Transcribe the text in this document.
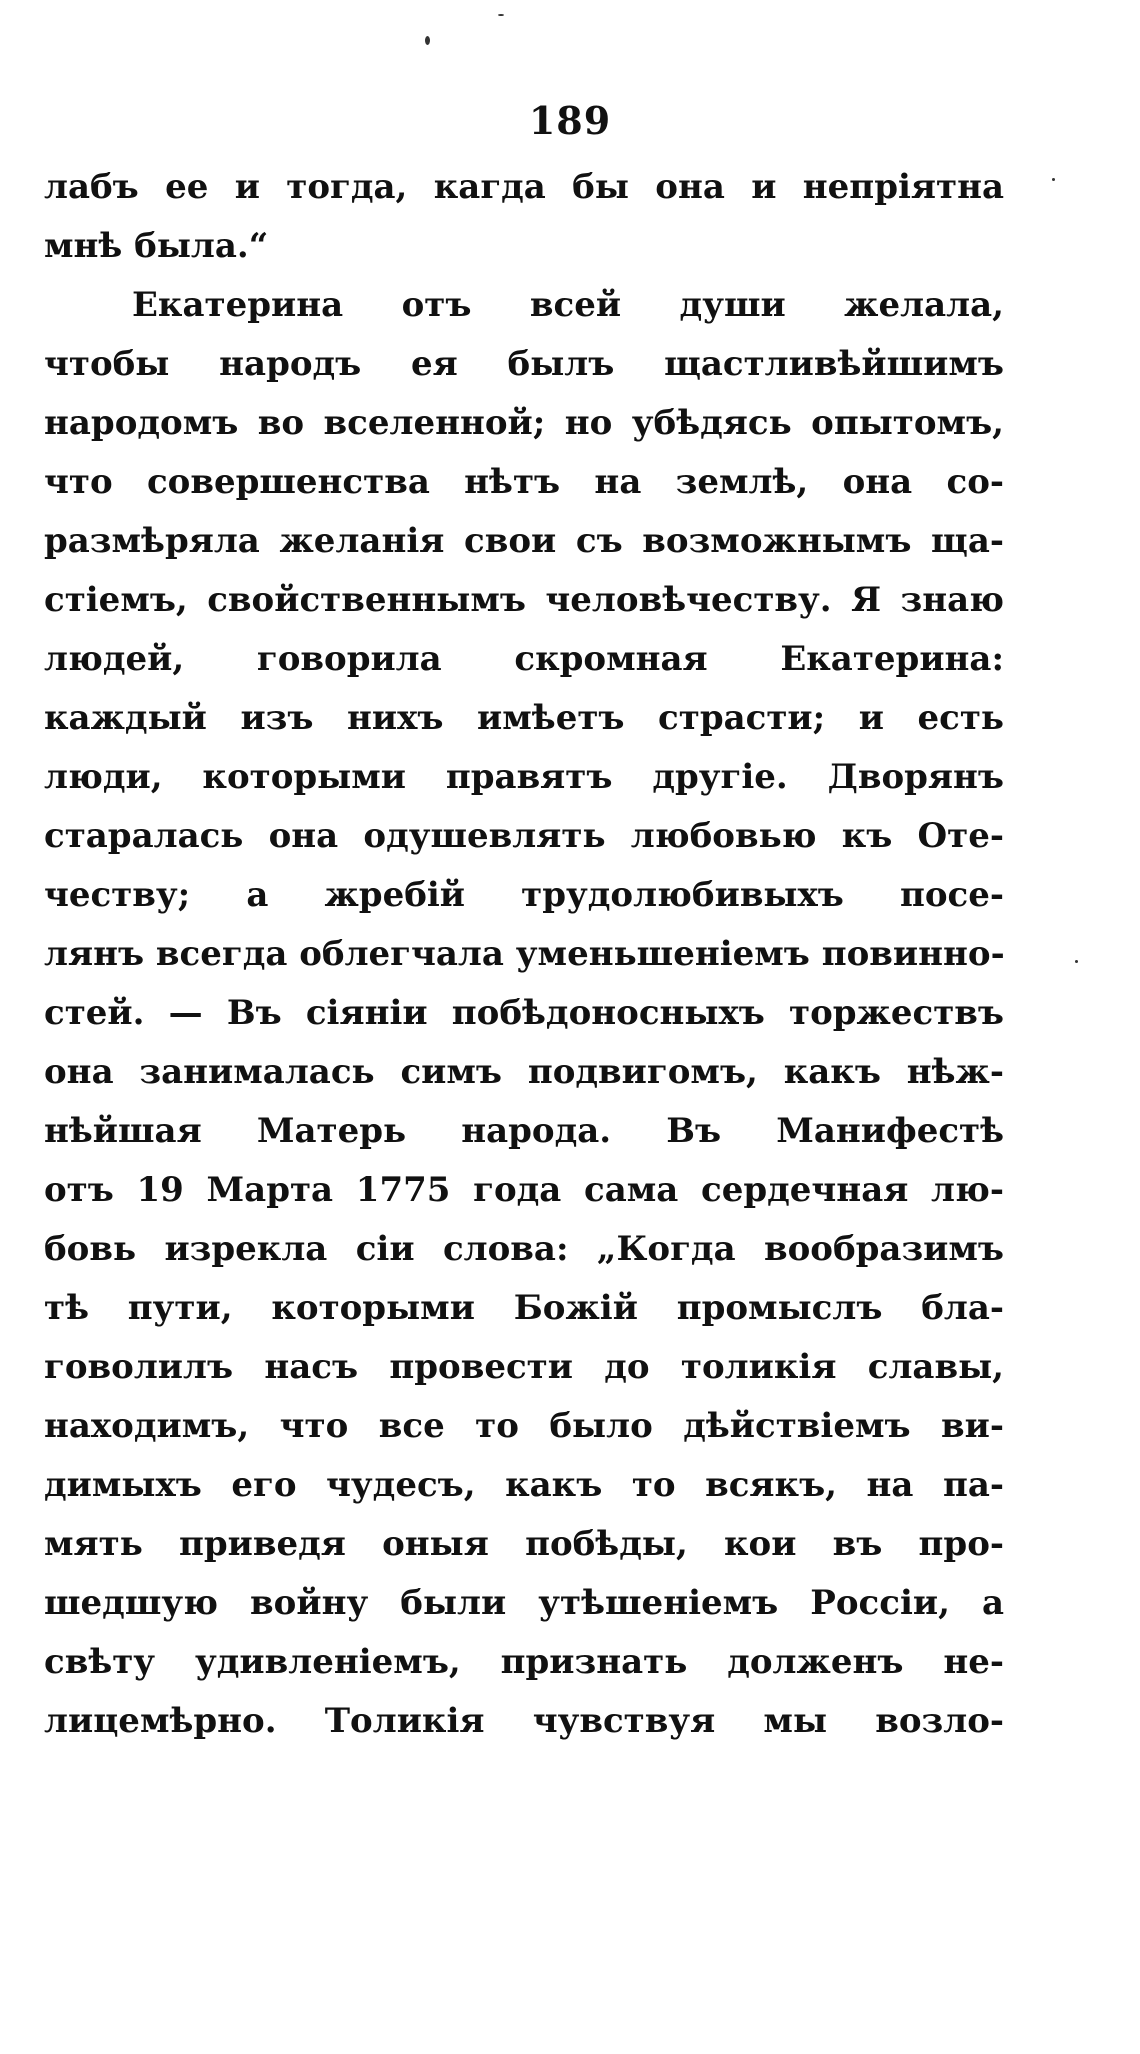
189
лабъ ее и тогда, кагда бы она и непріятна
мнѣ была.“
Екатерина отъ всей души желала,
чтобы народъ ея былъ щастливѣйшимъ
народомъ во вселенной; но убѣдясь опытомъ,
что совершенства нѣтъ на землѣ, она со-
размѣряла желанія свои съ возможнымъ ща-
стіемъ, свойственнымъ человѣчеству. Я знаю
людей, говорила скромная Екатерина:
каждый изъ нихъ имѣетъ страсти; и есть
люди, которыми правятъ другіе. Дворянъ
старалась она одушевлять любовью къ Оте-
честву; а жребій трудолюбивыхъ посе-
лянъ всегда облегчала уменьшеніемъ повинно-
стей. — Въ сіяніи побѣдоносныхъ торжествъ
она занималась симъ подвигомъ, какъ нѣж-
нѣйшая Матерь народа. Въ Манифестѣ
отъ 19 Марта 1775 года сама сердечная лю-
бовь изрекла сіи слова: „Когда вообразимъ
тѣ пути, которыми Божій промыслъ бла-
говолилъ насъ провести до толикія славы,
находимъ, что все то было дѣйствіемъ ви-
димыхъ его чудесъ, какъ то всякъ, на па-
мять приведя оныя побѣды, кои въ про-
шедшую войну были утѣшеніемъ Россіи, а
свѣту удивленіемъ, признать долженъ не-
лицемѣрно. Толикія чувствуя мы возло-
